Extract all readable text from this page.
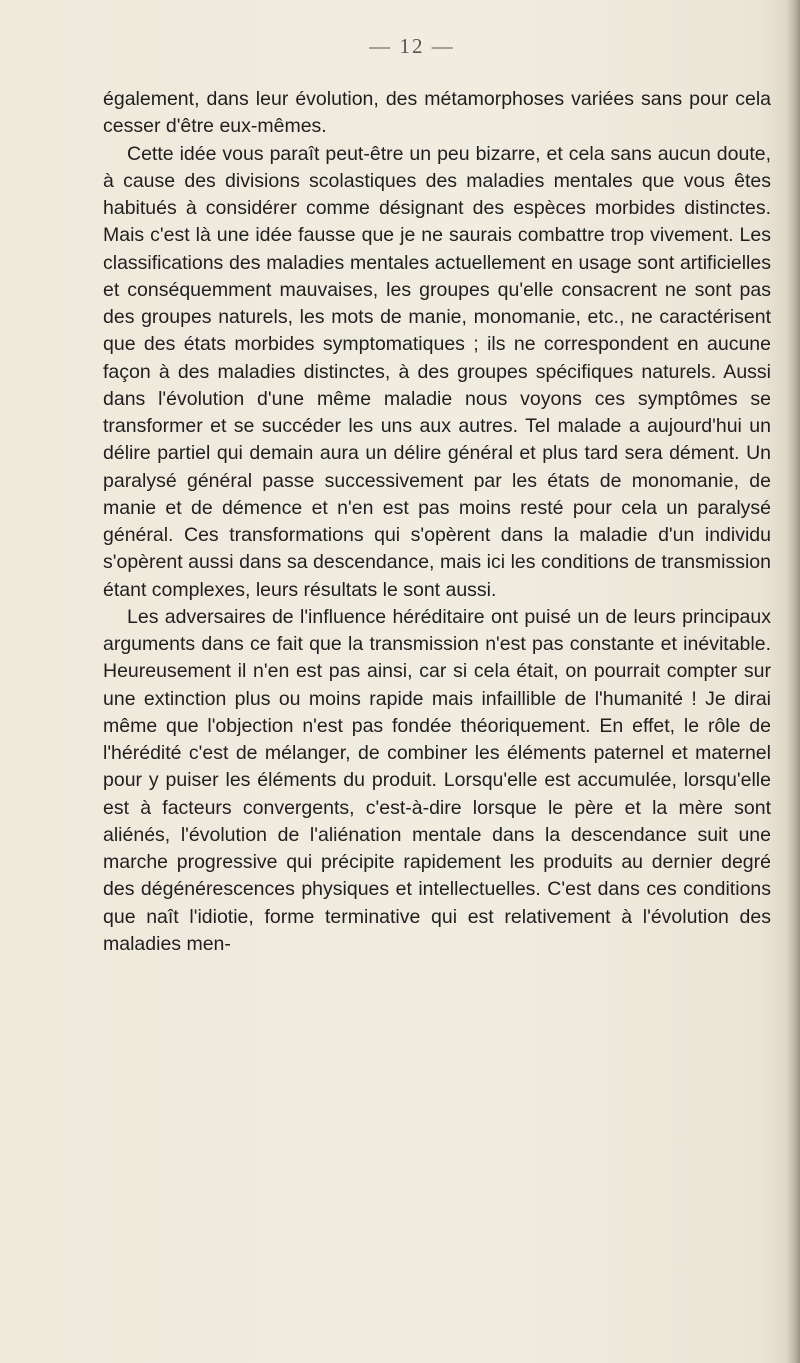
— 12 —

également, dans leur évolution, des métamorphoses variées sans pour cela cesser d'être eux-mêmes.

Cette idée vous paraît peut-être un peu bizarre, et cela sans aucun doute, à cause des divisions scolastiques des maladies mentales que vous êtes habitués à considérer comme désignant des espèces morbides distinctes. Mais c'est là une idée fausse que je ne saurais combattre trop vivement. Les classifications des maladies mentales actuellement en usage sont artificielles et conséquemment mauvaises, les groupes qu'elle consacrent ne sont pas des groupes naturels, les mots de manie, monomanie, etc., ne caractérisent que des états morbides symptomatiques ; ils ne correspondent en aucune façon à des maladies distinctes, à des groupes spécifiques naturels. Aussi dans l'évolution d'une même maladie nous voyons ces symptômes se transformer et se succéder les uns aux autres. Tel malade a aujourd'hui un délire partiel qui demain aura un délire général et plus tard sera dément. Un paralysé général passe successivement par les états de monomanie, de manie et de démence et n'en est pas moins resté pour cela un paralysé général. Ces transformations qui s'opèrent dans la maladie d'un individu s'opèrent aussi dans sa descendance, mais ici les conditions de transmission étant complexes, leurs résultats le sont aussi.

Les adversaires de l'influence héréditaire ont puisé un de leurs principaux arguments dans ce fait que la transmission n'est pas constante et inévitable. Heureusement il n'en est pas ainsi, car si cela était, on pourrait compter sur une extinction plus ou moins rapide mais infaillible de l'humanité ! Je dirai même que l'objection n'est pas fondée théoriquement. En effet, le rôle de l'hérédité c'est de mélanger, de combiner les éléments paternel et maternel pour y puiser les éléments du produit. Lorsqu'elle est accumulée, lorsqu'elle est à facteurs convergents, c'est-à-dire lorsque le père et la mère sont aliénés, l'évolution de l'aliénation mentale dans la descendance suit une marche progressive qui précipite rapidement les produits au dernier degré des dégénérescences physiques et intellectuelles. C'est dans ces conditions que naît l'idiotie, forme terminative qui est relativement à l'évolution des maladies men-
